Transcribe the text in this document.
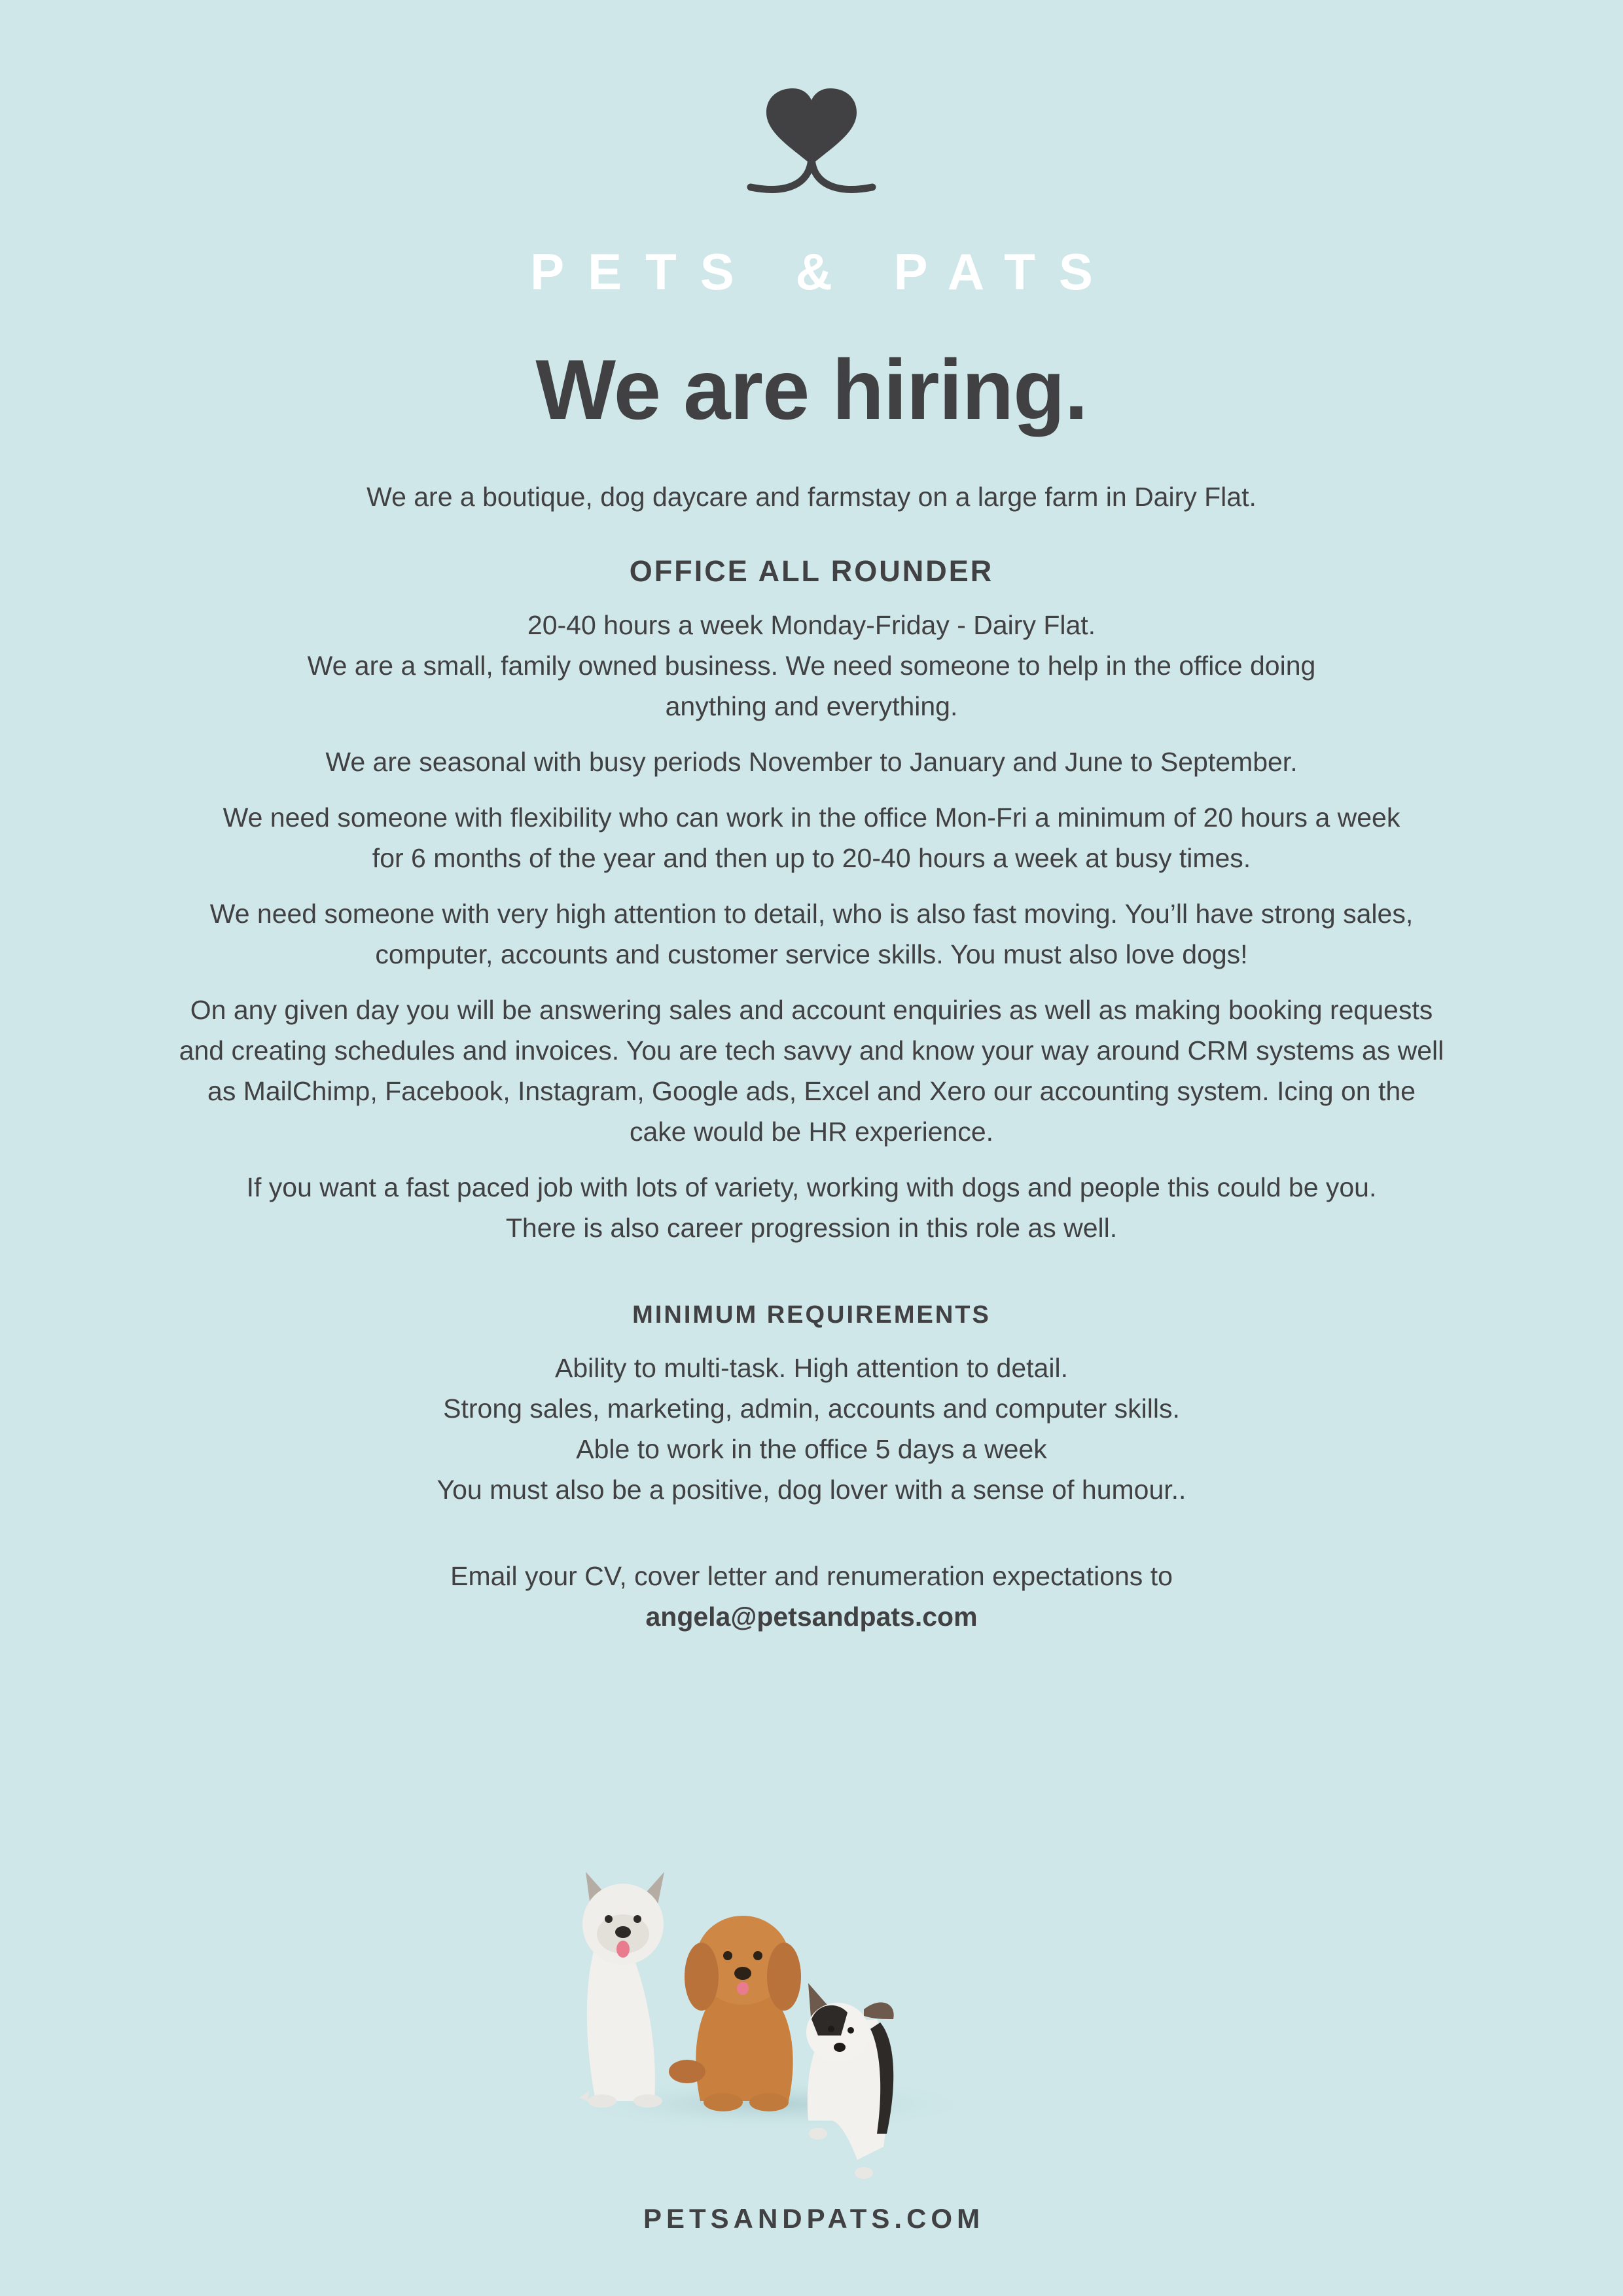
PETS & PATS
We are hiring.

We are a boutique, dog daycare and farmstay on a large farm in Dairy Flat.

OFFICE ALL ROUNDER

20-40 hours a week Monday-Friday - Dairy Flat.

We are a small, family owned business. We need someone to help in the office doing

anything and everything.

We are seasonal with busy periods November to January and June to September.

We need someone with flexibility who can work in the office Mon-Fri a minimum of 20 hours a week

for 6 months of the year and then up to 20-40 hours a week at busy times.

We need someone with very high attention to detail, who is also fast moving. You’ll have strong sales,

computer, accounts and customer service skills. You must also love dogs!

On any given day you will be answering sales and account enquiries as well as making booking requests

and creating schedules and invoices. You are tech savvy and know your way around CRM systems as well

as MailChimp, Facebook, Instagram, Google ads, Excel and Xero our accounting system. Icing on the

cake would be HR experience.

If you want a fast paced job with lots of variety, working with dogs and people this could be you.

There is also career progression in this role as well.

MINIMUM REQUIREMENTS

Ability to multi-task. High attention to detail.

Strong sales, marketing, admin, accounts and computer skills.

Able to work in the office 5 days a week

You must also be a positive, dog lover with a sense of humour..

Email your CV, cover letter and renumeration expectations to

angela@petsandpats.com

PETSANDPATS.COM
